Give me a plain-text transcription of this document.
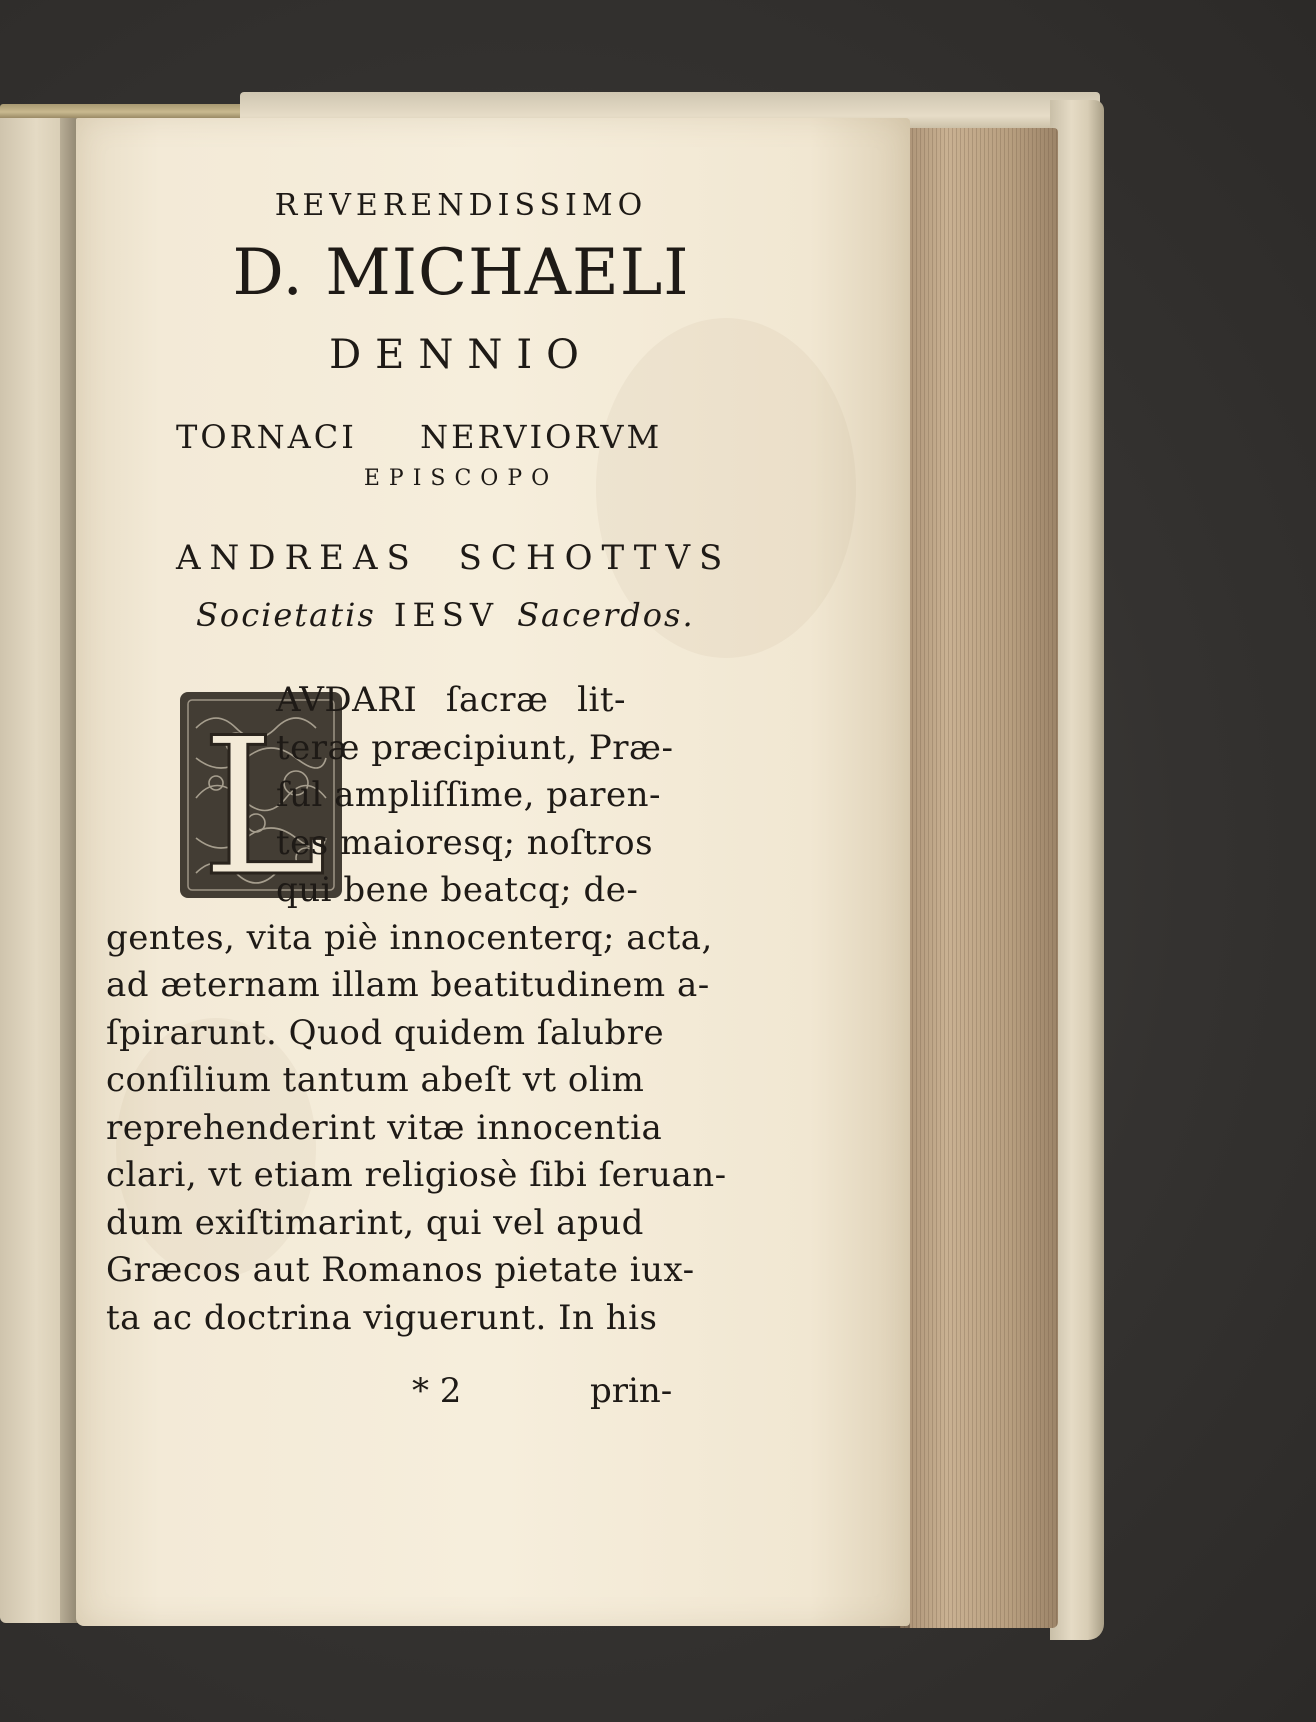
REVERENDISSIMO
D. MICHAELI
DENNIO
TORNACI NERVIORVM
EPISCOPO
ANDREAS SCHOTTVS
Societatis IESV Sacerdos.
L
AVDARI ſacræ lit-
teræ præcipiunt, Præ-
ſul ampliſſime, paren-
tes maioresq; noſtros
qui bene beatcq; de-
gentes, vita piè innocenterq; acta,
ad æternam illam beatitudinem a-
ſpirarunt. Quod quidem ſalubre
conſilium tantum abeſt vt olim
reprehenderint vitæ innocentia
clari, vt etiam religiosè ſibi ſeruan-
dum exiſtimarint, qui vel apud
Græcos aut Romanos pietate iux-
ta ac doctrina viguerunt. In his
* 2	prin-
